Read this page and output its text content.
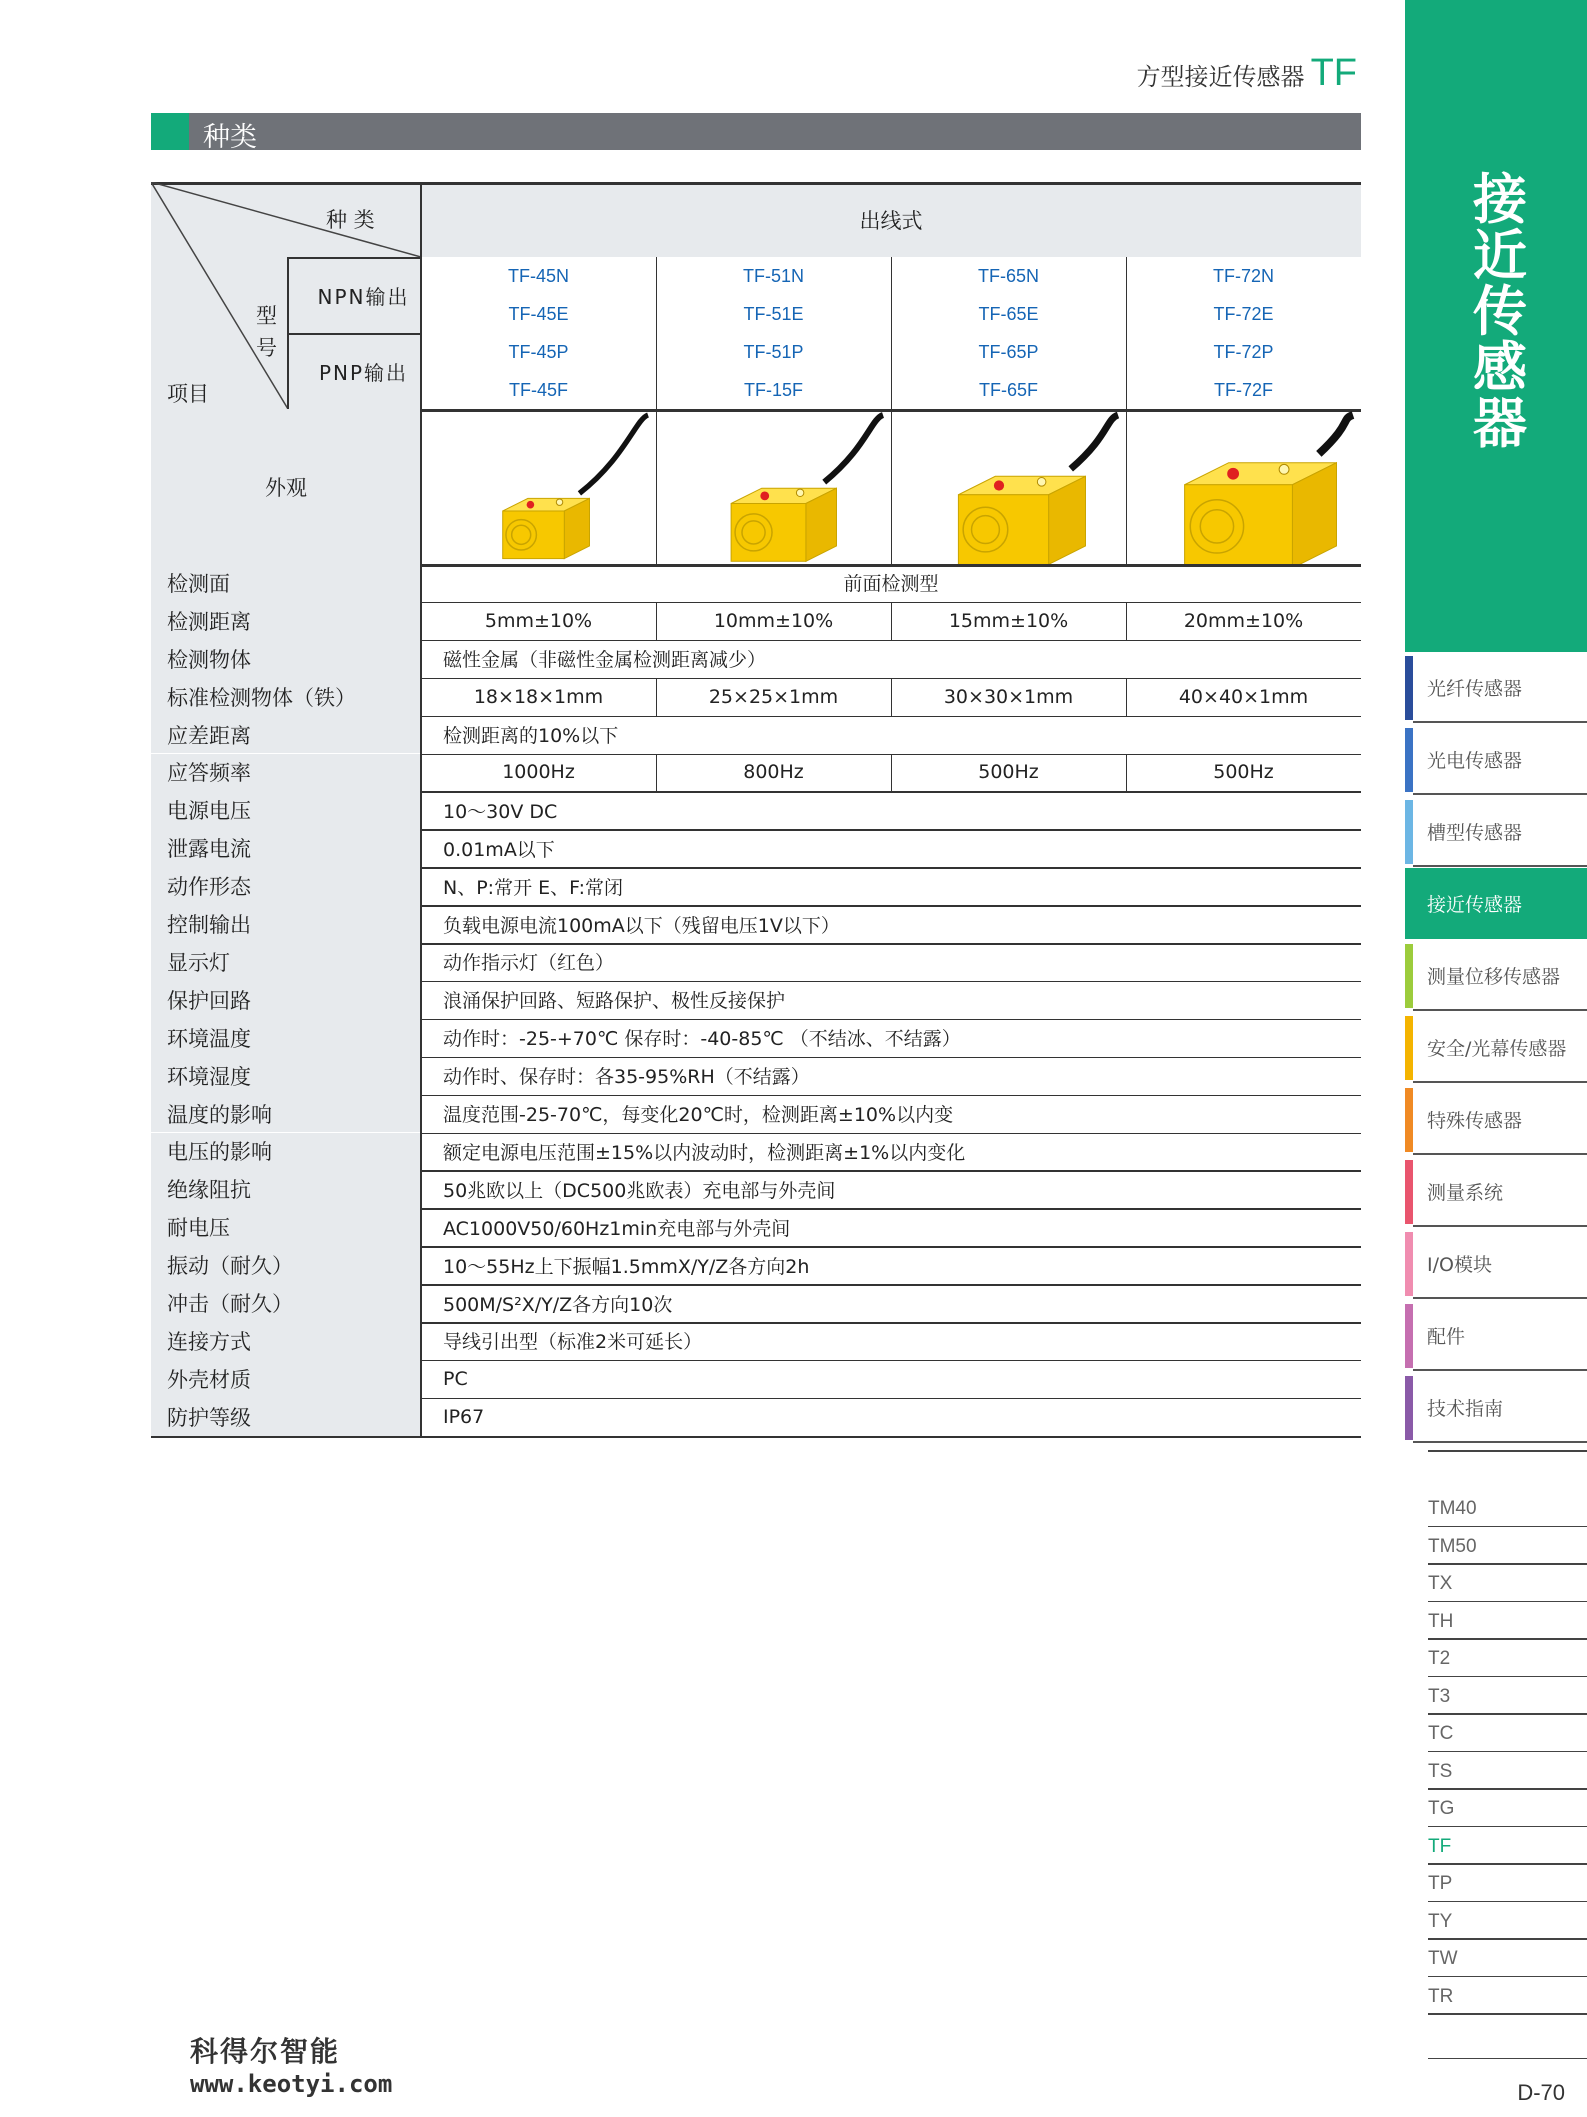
方型接近传感器 TF
种类
种 类
型
号
项目
NPN输出
PNP输出
出线式
TF-45N	TF-51N	TF-65N	TF-72N
TF-45E	TF-51E	TF-65E	TF-72E
TF-45P	TF-51P	TF-65P	TF-72P
TF-45F	TF-15F	TF-65F	TF-72F
外观
检测面	前面检测型
检测距离	5mm±10%	10mm±10%	15mm±10%	20mm±10%
检测物体	磁性金属（非磁性金属检测距离减少）
标准检测物体（铁）	18×18×1mm	25×25×1mm	30×30×1mm	40×40×1mm
应差距离	检测距离的10%以下
应答频率	1000Hz	800Hz	500Hz	500Hz
电源电压	10～30V DC
泄露电流	0.01mA以下
动作形态	N、P:常开 E、F:常闭
控制输出	负载电源电流100mA以下（残留电压1V以下）
显示灯	动作指示灯（红色）
保护回路	浪涌保护回路、短路保护、极性反接保护
环境温度	动作时：-25-+70℃ 保存时：-40-85℃ （不结冰、不结露）
环境湿度	动作时、保存时：各35-95%RH（不结露）
温度的影响	温度范围-25-70℃，每变化20℃时，检测距离±10%以内变
电压的影响	额定电源电压范围±15%以内波动时，检测距离±1%以内变化
绝缘阻抗	50兆欧以上（DC500兆欧表）充电部与外壳间
耐电压	AC1000V50/60Hz1min充电部与外壳间
振动（耐久）	10～55Hz上下振幅1.5mmX/Y/Z各方向2h
冲击（耐久）	500M/S²X/Y/Z各方向10次
连接方式	导线引出型（标准2米可延长）
外壳材质	PC
防护等级	IP67
接
近
传
感
器
光纤传感器
光电传感器
槽型传感器
接近传感器
测量位移传感器
安全/光幕传感器
特殊传感器
测量系统
I/O模块
配件
技术指南
TM40
TM50
TX
TH
T2
T3
TC
TS
TG
TF
TP
TY
TW
TR
科得尔智能
www.keotyi.com	D-70
